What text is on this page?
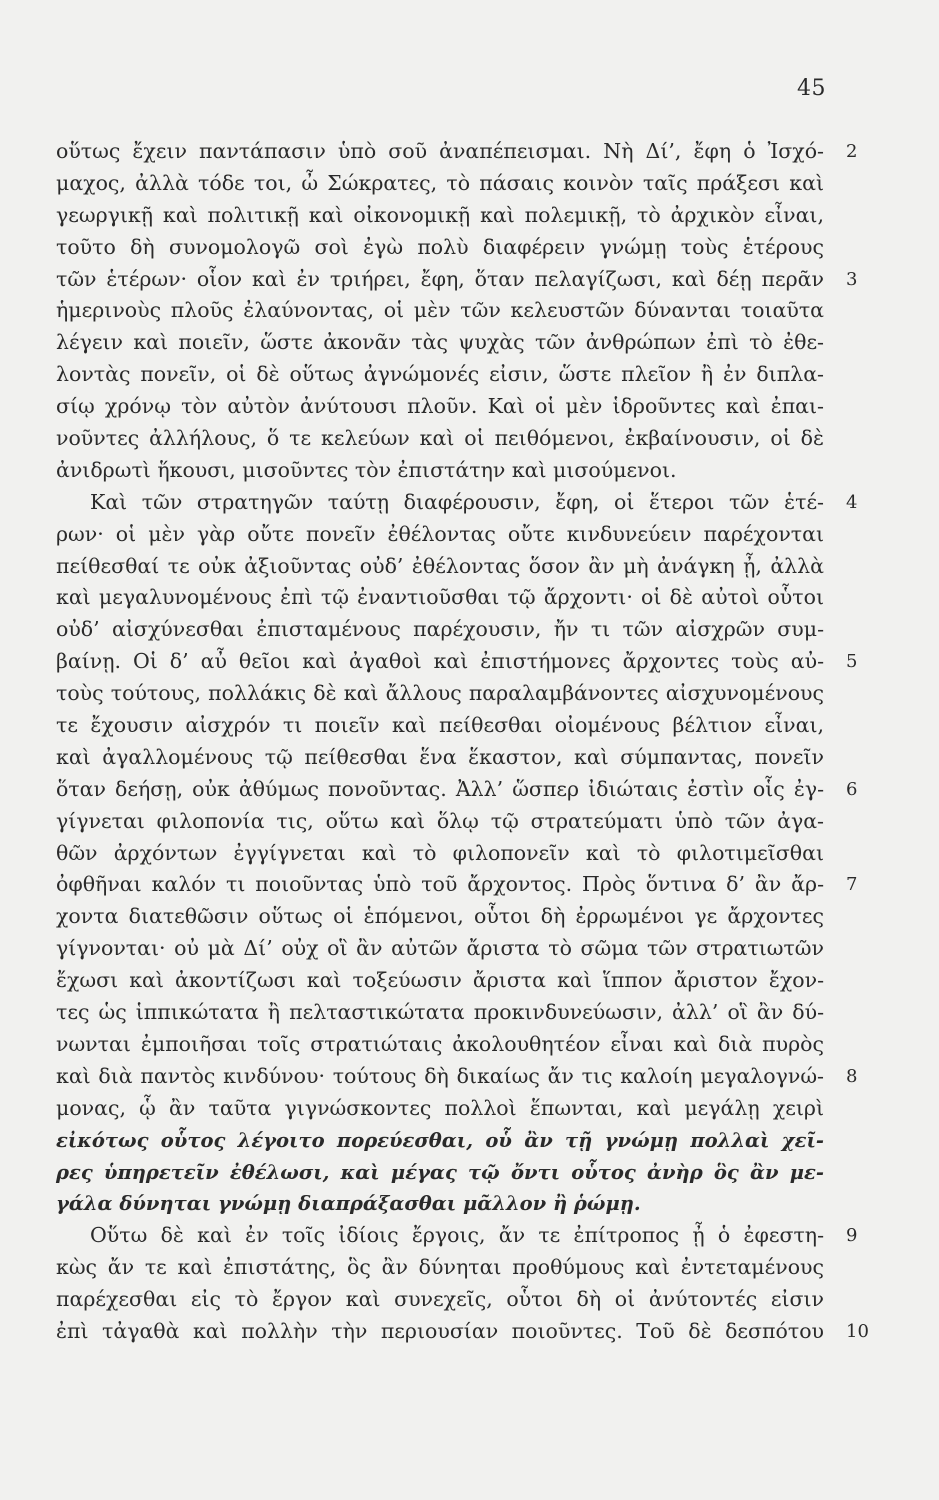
45
οὕτως ἔχειν παντάπασιν ὑπὸ σοῦ ἀναπέπεισμαι. Νὴ Δί’, ἔφη ὁ Ἰσχό- 2
μαχος, ἀλλὰ τόδε τοι, ὦ Σώκρατες, τὸ πάσαις κοινὸν ταῖς πράξεσι καὶ
γεωργικῇ καὶ πολιτικῇ καὶ οἰκονομικῇ καὶ πολεμικῇ, τὸ ἀρχικὸν εἶναι,
τοῦτο δὴ συνομολογῶ σοὶ ἐγὼ πολὺ διαφέρειν γνώμῃ τοὺς ἑτέρους
τῶν ἑτέρων· οἷον καὶ ἐν τριήρει, ἔφη, ὅταν πελαγίζωσι, καὶ δέῃ περᾶν 3
ἡμερινοὺς πλοῦς ἐλαύνοντας, οἱ μὲν τῶν κελευστῶν δύνανται τοιαῦτα
λέγειν καὶ ποιεῖν, ὥστε ἀκονᾶν τὰς ψυχὰς τῶν ἀνθρώπων ἐπὶ τὸ ἐθε-
λοντὰς πονεῖν, οἱ δὲ οὕτως ἀγνώμονές εἰσιν, ὥστε πλεῖον ἢ ἐν διπλα-
σίῳ χρόνῳ τὸν αὐτὸν ἀνύτουσι πλοῦν. Καὶ οἱ μὲν ἱδροῦντες καὶ ἐπαι-
νοῦντες ἀλλήλους, ὅ τε κελεύων καὶ οἱ πειθόμενοι, ἐκβαίνουσιν, οἱ δὲ
ἀνιδρωτὶ ἥκουσι, μισοῦντες τὸν ἐπιστάτην καὶ μισούμενοι.
Καὶ τῶν στρατηγῶν ταύτῃ διαφέρουσιν, ἔφη, οἱ ἕτεροι τῶν ἑτέ- 4
ρων· οἱ μὲν γὰρ οὔτε πονεῖν ἐθέλοντας οὔτε κινδυνεύειν παρέχονται
πείθεσθαί τε οὐκ ἀξιοῦντας οὐδ’ ἐθέλοντας ὅσον ἂν μὴ ἀνάγκη ᾖ, ἀλλὰ
καὶ μεγαλυνομένους ἐπὶ τῷ ἐναντιοῦσθαι τῷ ἄρχοντι· οἱ δὲ αὐτοὶ οὗτοι
οὐδ’ αἰσχύνεσθαι ἐπισταμένους παρέχουσιν, ἤν τι τῶν αἰσχρῶν συμ-
βαίνῃ. Οἱ δ’ αὖ θεῖοι καὶ ἀγαθοὶ καὶ ἐπιστήμονες ἄρχοντες τοὺς αὐ- 5
τοὺς τούτους, πολλάκις δὲ καὶ ἄλλους παραλαμβάνοντες αἰσχυνομένους
τε ἔχουσιν αἰσχρόν τι ποιεῖν καὶ πείθεσθαι οἰομένους βέλτιον εἶναι,
καὶ ἀγαλλομένους τῷ πείθεσθαι ἕνα ἕκαστον, καὶ σύμπαντας, πονεῖν
ὅταν δεήσῃ, οὐκ ἀθύμως πονοῦντας. Ἀλλ’ ὥσπερ ἰδιώταις ἐστὶν οἷς ἐγ- 6
γίγνεται φιλοπονία τις, οὕτω καὶ ὅλῳ τῷ στρατεύματι ὑπὸ τῶν ἀγα-
θῶν ἀρχόντων ἐγγίγνεται καὶ τὸ φιλοπονεῖν καὶ τὸ φιλοτιμεῖσθαι
ὀφθῆναι καλόν τι ποιοῦντας ὑπὸ τοῦ ἄρχοντος. Πρὸς ὅντινα δ’ ἂν ἄρ- 7
χοντα διατεθῶσιν οὕτως οἱ ἑπόμενοι, οὗτοι δὴ ἐρρωμένοι γε ἄρχοντες
γίγνονται· οὐ μὰ Δί’ οὐχ οἳ ἂν αὐτῶν ἄριστα τὸ σῶμα τῶν στρατιωτῶν
ἔχωσι καὶ ἀκοντίζωσι καὶ τοξεύωσιν ἄριστα καὶ ἵππον ἄριστον ἔχον-
τες ὡς ἱππικώτατα ἢ πελταστικώτατα προκινδυνεύωσιν, ἀλλ’ οἳ ἂν δύ-
νωνται ἐμποιῆσαι τοῖς στρατιώταις ἀκολουθητέον εἶναι καὶ διὰ πυρὸς
καὶ διὰ παντὸς κινδύνου· τούτους δὴ δικαίως ἄν τις καλοίη μεγαλογνώ- 8
μονας, ᾧ ἂν ταῦτα γιγνώσκοντες πολλοὶ ἕπωνται, καὶ μεγάλῃ χειρὶ
εἰκότως οὗτος λέγοιτο πορεύεσθαι, οὗ ἂν τῇ γνώμῃ πολλαὶ χεῖ-
ρες ὑπηρετεῖν ἐθέλωσι, καὶ μέγας τῷ ὄντι οὗτος ἀνὴρ ὃς ἂν με-
γάλα δύνηται γνώμῃ διαπράξασθαι μᾶλλον ἢ ῥώμῃ.
Οὕτω δὲ καὶ ἐν τοῖς ἰδίοις ἔργοις, ἄν τε ἐπίτροπος ᾖ ὁ ἐφεστη- 9
κὼς ἄν τε καὶ ἐπιστάτης, ὃς ἂν δύνηται προθύμους καὶ ἐντεταμένους
παρέχεσθαι εἰς τὸ ἔργον καὶ συνεχεῖς, οὗτοι δὴ οἱ ἀνύτοντές εἰσιν
ἐπὶ τἀγαθὰ καὶ πολλὴν τὴν περιουσίαν ποιοῦντες. Τοῦ δὲ δεσπότου 10
